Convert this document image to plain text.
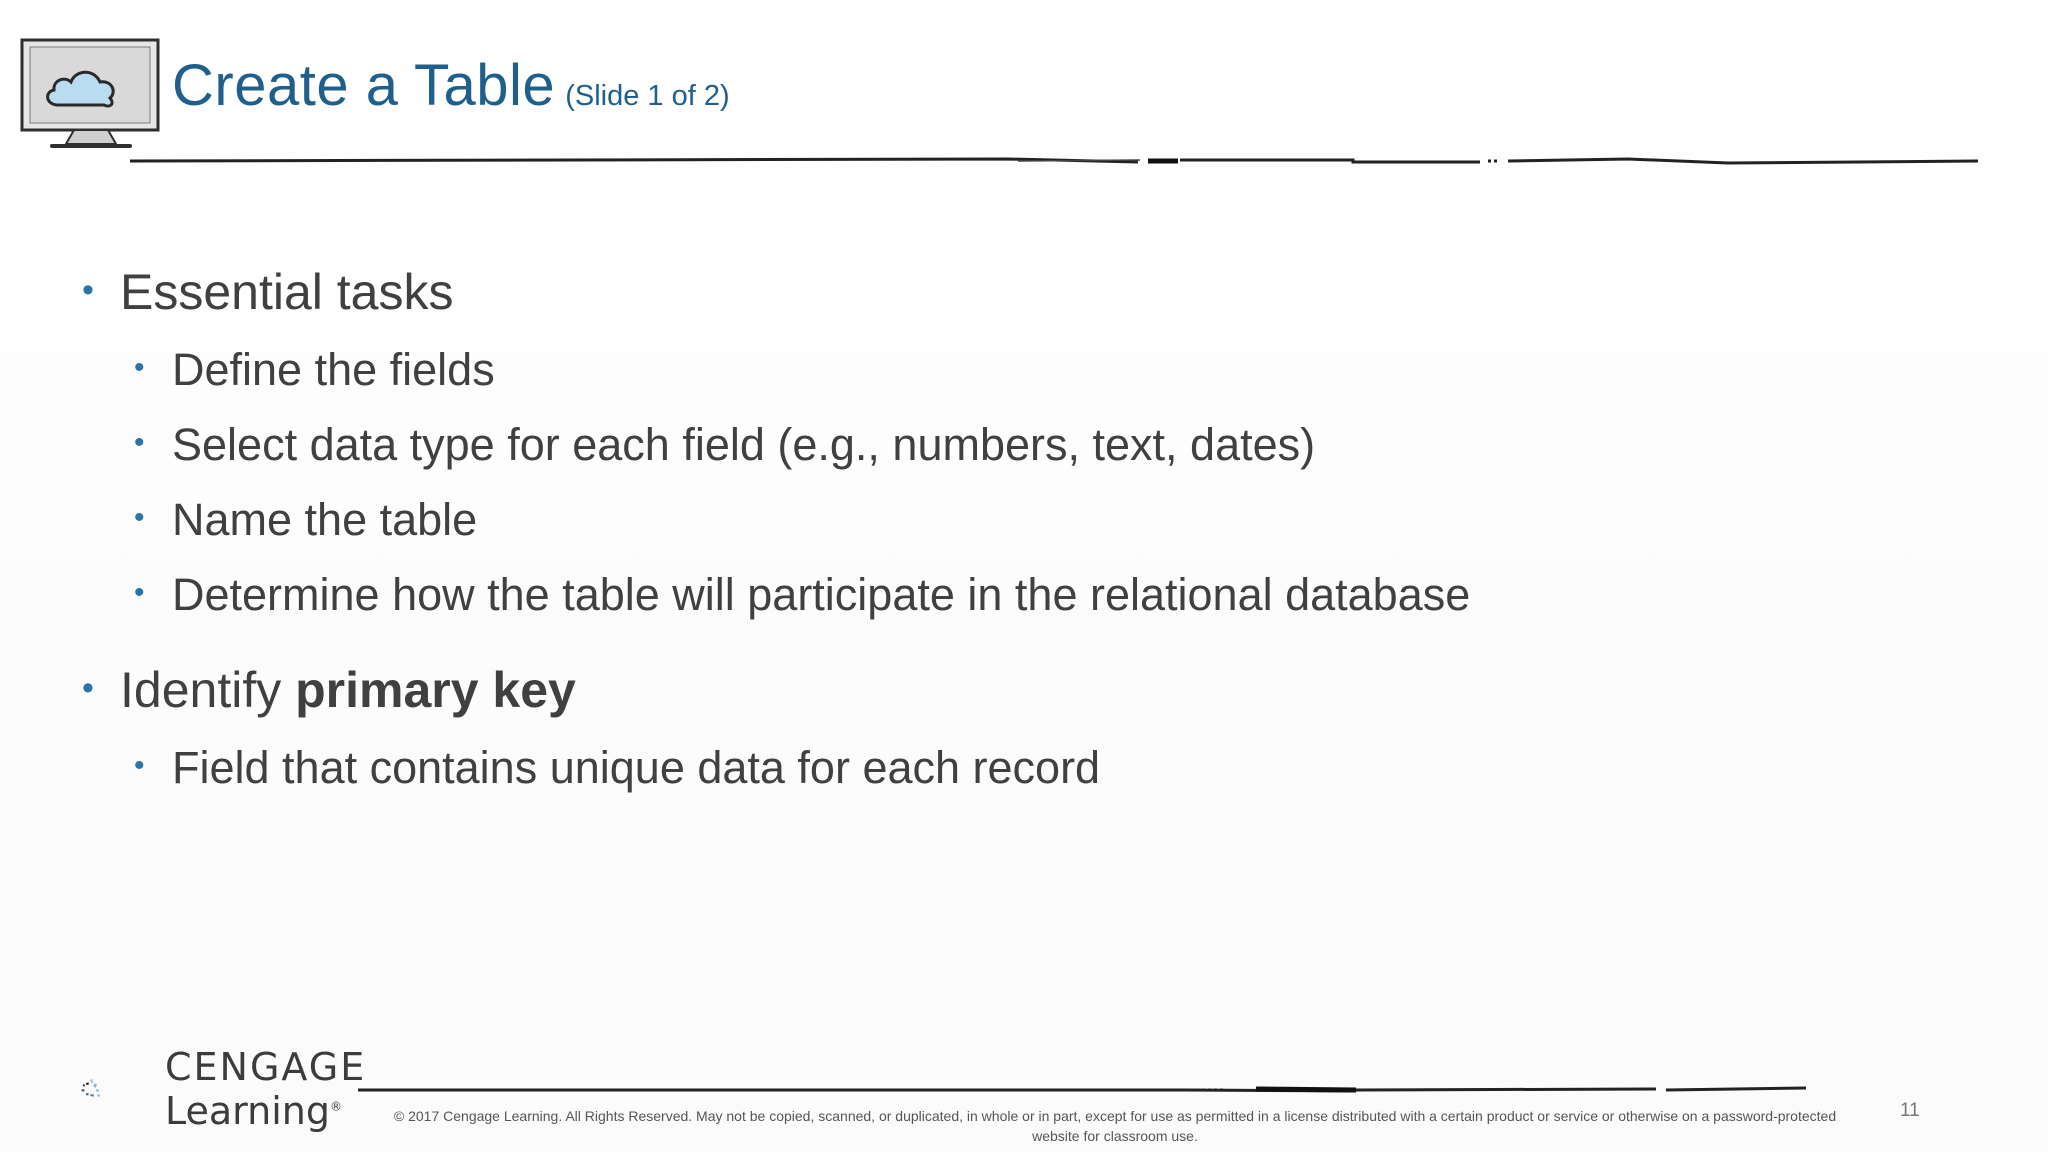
Create a Table (Slide 1 of 2)
• Essential tasks
• Define the fields
• Select data type for each field (e.g., numbers, text, dates)
• Name the table
• Determine how the table will participate in the relational database
• Identify primary key
• Field that contains unique data for each record
CENGAGE
Learning®
© 2017 Cengage Learning. All Rights Reserved. May not be copied, scanned, or duplicated, in whole or in part, except for use as permitted in a license distributed with a certain product or service or otherwise on a password-protected website for classroom use.
11
